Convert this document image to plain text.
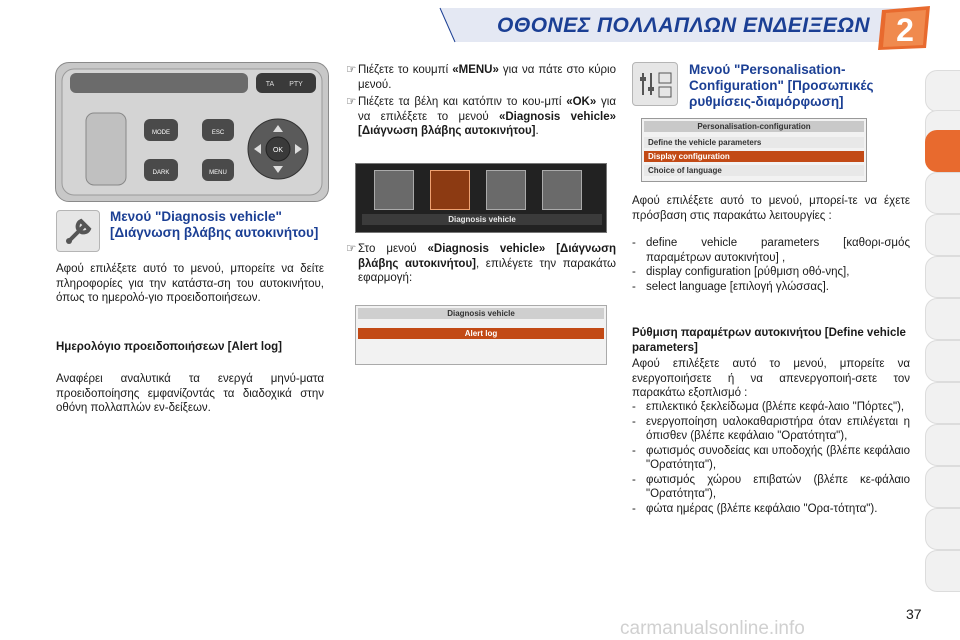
ΟΘΟΝΕΣ ΠΟΛΛΑΠΛΩΝ ΕΝΔΕΙΞΕΩΝ 2
MODE
DARK
ESC
MENU
OK
TA PTY
Μενού "Diagnosis vehicle" [Διάγνωση βλάβης αυτοκινήτου]
Αφού επιλέξετε αυτό το μενού, μπορείτε να δείτε πληροφορίες για την κατάστα-ση του αυτοκινήτου, όπως το ημερολό-γιο προειδοποιήσεων.
Ημερολόγιο προειδοποιήσεων [Alert log]
Αναφέρει αναλυτικά τα ενεργά μηνύ-ματα προειδοποίησης εμφανίζοντάς τα διαδοχικά στην οθόνη πολλαπλών εν-δείξεων.
☞ Πιέζετε το κουμπί «MENU» για να πάτε στο κύριο μενού.
☞ Πιέζετε τα βέλη και κατόπιν το κου-μπί «OK» για να επιλέξετε το μενού «Diagnosis vehicle» [Διάγνωση βλάβης αυτοκινήτου].
Diagnosis vehicle
☞ Στο μενού «Diagnosis vehicle» [Διάγνωση βλάβης αυτοκινήτου], επιλέγετε την παρακάτω εφαρμογή:
Diagnosis vehicle
Alert log
Μενού "Personalisation-Configuration" [Προσωπικές ρυθμίσεις-διαμόρφωση]
Personalisation-configuration
Define the vehicle parameters
Display configuration
Choice of language
Αφού επιλέξετε αυτό το μενού, μπορεί-τε να έχετε πρόσβαση στις παρακάτω λειτουργίες :
- define vehicle parameters [καθορι-σμός παραμέτρων αυτοκινήτου] ,
- display configuration [ρύθμιση οθό-νης],
- select language [επιλογή γλώσσας].
Ρύθμιση παραμέτρων αυτοκινήτου [Define vehicle parameters]
Αφού επιλέξετε αυτό το μενού, μπορείτε να ενεργοποιήσετε ή να απενεργοποιή-σετε τον παρακάτω εξοπλισμό :
- επιλεκτικό ξεκλείδωμα (βλέπε κεφά-λαιο "Πόρτες"),
- ενεργοποίηση υαλοκαθαριστήρα όταν επιλέγεται η όπισθεν (βλέπε κεφάλαιο "Ορατότητα"),
- φωτισμός συνοδείας και υποδοχής (βλέπε κεφάλαιο "Ορατότητα"),
- φωτισμός χώρου επιβατών (βλέπε κε-φάλαιο "Ορατότητα"),
- φώτα ημέρας (βλέπε κεφάλαιο "Ορα-τότητα").
carmanualsonline.info
37
